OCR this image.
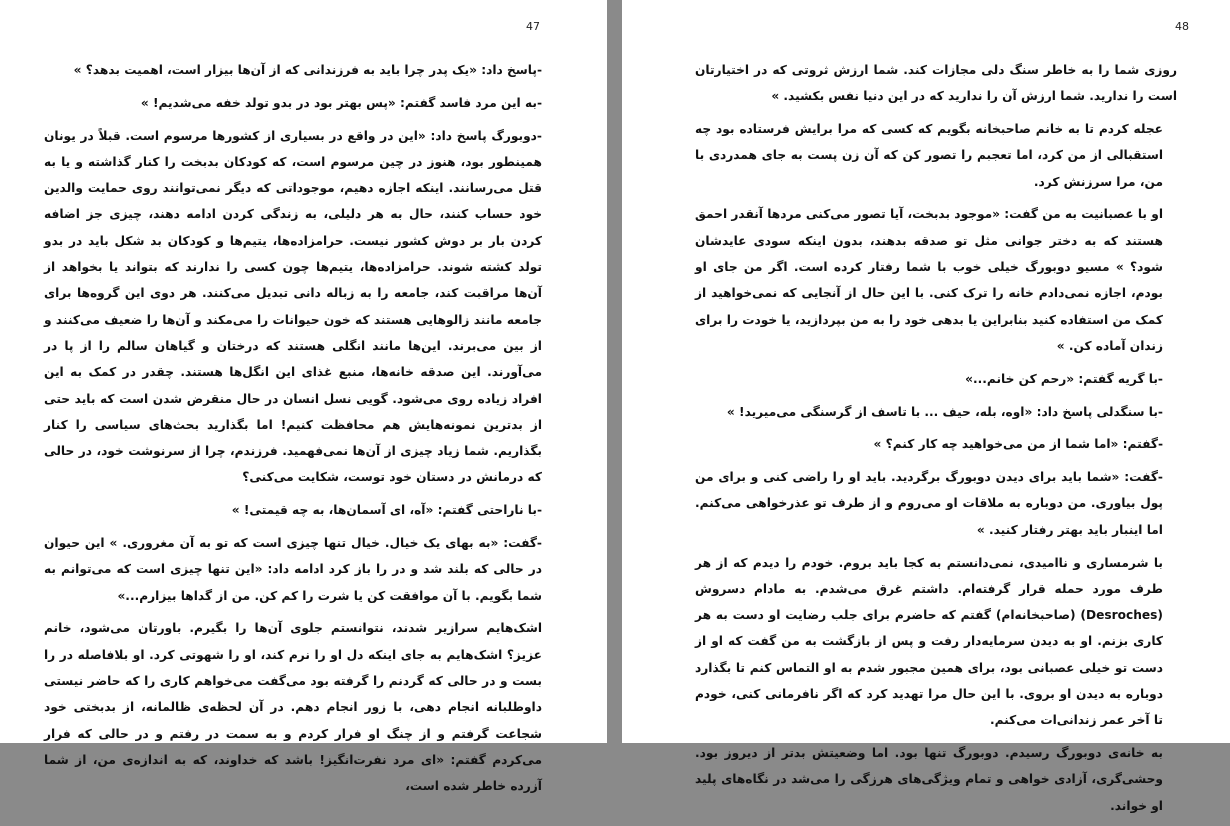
47

-پاسخ داد: «یک پدر چرا باید به فرزندانی که از آن‌ها بیزار است، اهمیت بدهد؟ »

-به این مرد فاسد گفتم: «پس بهتر بود در بدو تولد خفه می‌شدیم! »

-دوبورگ پاسخ داد: «این در واقع در بسیاری از کشورها مرسوم است. قبلاً در یونان همینطور بود، هنوز در چین مرسوم است، که کودکان بدبخت را کنار گذاشته و یا به قتل می‌رسانند. اینکه اجازه دهیم، موجوداتی که دیگر نمی‌توانند روی حمایت والدین خود حساب کنند، حال به هر دلیلی، به زندگی کردن ادامه دهند، چیزی جز اضافه کردن بار بر دوش کشور نیست. حرامزاده‌ها، یتیم‌ها و کودکان بد شکل باید در بدو تولد کشته شوند. حرامزاده‌ها، یتیم‌ها چون کسی را ندارند که بتواند یا بخواهد از آن‌ها مراقبت کند، جامعه را به زباله دانی تبدیل می‌کنند. هر دوی این گروه‌ها برای جامعه مانند زالوهایی هستند که خون حیوانات را می‌مکند و آن‌ها را ضعیف می‌کنند و از بین می‌برند. این‌ها مانند انگلی هستند که درختان و گیاهان سالم را از پا در می‌آورند. این صدقه خانه‌ها، منبع غذای این انگل‌ها هستند. چقدر در کمک به این افراد زیاده روی می‌شود. گویی نسل انسان در حال منقرض شدن است که باید حتی از بدترین نمونه‌هایش هم محافظت کنیم! اما بگذارید بحث‌های سیاسی را کنار بگذاریم. شما زیاد چیزی از آن‌ها نمی‌فهمید. فرزندم، چرا از سرنوشت خود، در حالی که درمانش در دستان خود توست، شکایت می‌کنی؟

-با ناراحتی گفتم: «آه، ای آسمان‌ها، به چه قیمتی! »

-گفت: «به بهای یک خیال. خیال تنها چیزی است که تو به آن مغروری. » این حیوان در حالی که بلند شد و در را باز کرد ادامه داد: «این تنها چیزی است که می‌توانم به شما بگویم. با آن موافقت کن یا شرت را کم کن. من از گداها بیزارم...»

اشک‌هایم سرازیر شدند، نتوانستم جلوی آن‌ها را بگیرم. باورتان می‌شود، خانم عزیز؟ اشک‌هایم به جای اینکه دل او را نرم کند، او را شهوتی کرد. او بلافاصله در را بست و در حالی که گردنم را گرفته بود می‌گفت می‌خواهم کاری را که حاضر نیستی داوطلبانه انجام دهی، با زور انجام دهم. در آن لحظه‌ی ظالمانه، از بدبختی خود شجاعت گرفتم و از چنگ او فرار کردم و به سمت در رفتم و در حالی که فرار می‌کردم گفتم: «ای مرد نفرت‌انگیز! باشد که خداوند، که به اندازه‌ی من، از شما آزرده خاطر شده است،

48

روزی شما را به خاطر سنگ دلی مجازات کند. شما ارزش ثروتی که در اختیارتان است را ندارید. شما ارزش آن را ندارید که در این دنیا نفس بکشید. »

عجله کردم تا به خانم صاحبخانه بگویم که کسی که مرا برایش فرستاده بود چه استقبالی از من کرد، اما تعجبم را تصور کن که آن زن پست به جای همدردی با من، مرا سرزنش کرد.

او با عصبانیت به من گفت: «موجود بدبخت، آیا تصور می‌کنی مردها آنقدر احمق هستند که به دختر جوانی مثل تو صدقه بدهند، بدون اینکه سودی عایدشان شود؟ » مسیو دوبورگ خیلی خوب با شما رفتار کرده است. اگر من جای او بودم، اجازه نمی‌دادم خانه را ترک کنی. با این حال از آنجایی که نمی‌خواهید از کمک من استفاده کنید بنابراین یا بدهی خود را به من بپردازید، یا خودت را برای زندان آماده کن. »

-با گریه گفتم: «رحم کن خانم...»

-با سنگدلی پاسخ داد: «اوه، بله، حیف ... با تاسف از گرسنگی می‌میرید! »

-گفتم: «اما شما از من می‌خواهید چه کار کنم؟ »

-گفت: «شما باید برای دیدن دوبورگ برگردید. باید او را راضی کنی و برای من پول بیاوری. من دوباره به ملاقات او می‌روم و از طرف تو عذرخواهی می‌کنم. اما اینبار باید بهتر رفتار کنید. »

با شرمساری و ناامیدی، نمی‌دانستم به کجا باید بروم. خودم را دیدم که از هر طرف مورد حمله قرار گرفته‌ام. داشتم غرق می‌شدم. به مادام دسروش (Desroches) (صاحبخانه‌ام) گفتم که حاضرم برای جلب رضایت او دست به هر کاری بزنم. او به دیدن سرمایه‌دار رفت و پس از بازگشت به من گفت که او از دست تو خیلی عصبانی بود، برای همین مجبور شدم به او التماس کنم تا بگذارد دوباره به دیدن او بروی. با این حال مرا تهدید کرد که اگر نافرمانی کنی، خودم تا آخر عمر زندانی‌ات می‌کنم.

به خانه‌ی دوبورگ رسیدم. دوبورگ تنها بود. اما وضعیتش بدتر از دیروز بود. وحشی‌گری، آزادی خواهی و تمام ویژگی‌های هرزگی را می‌شد در نگاه‌های پلید او خواند.
